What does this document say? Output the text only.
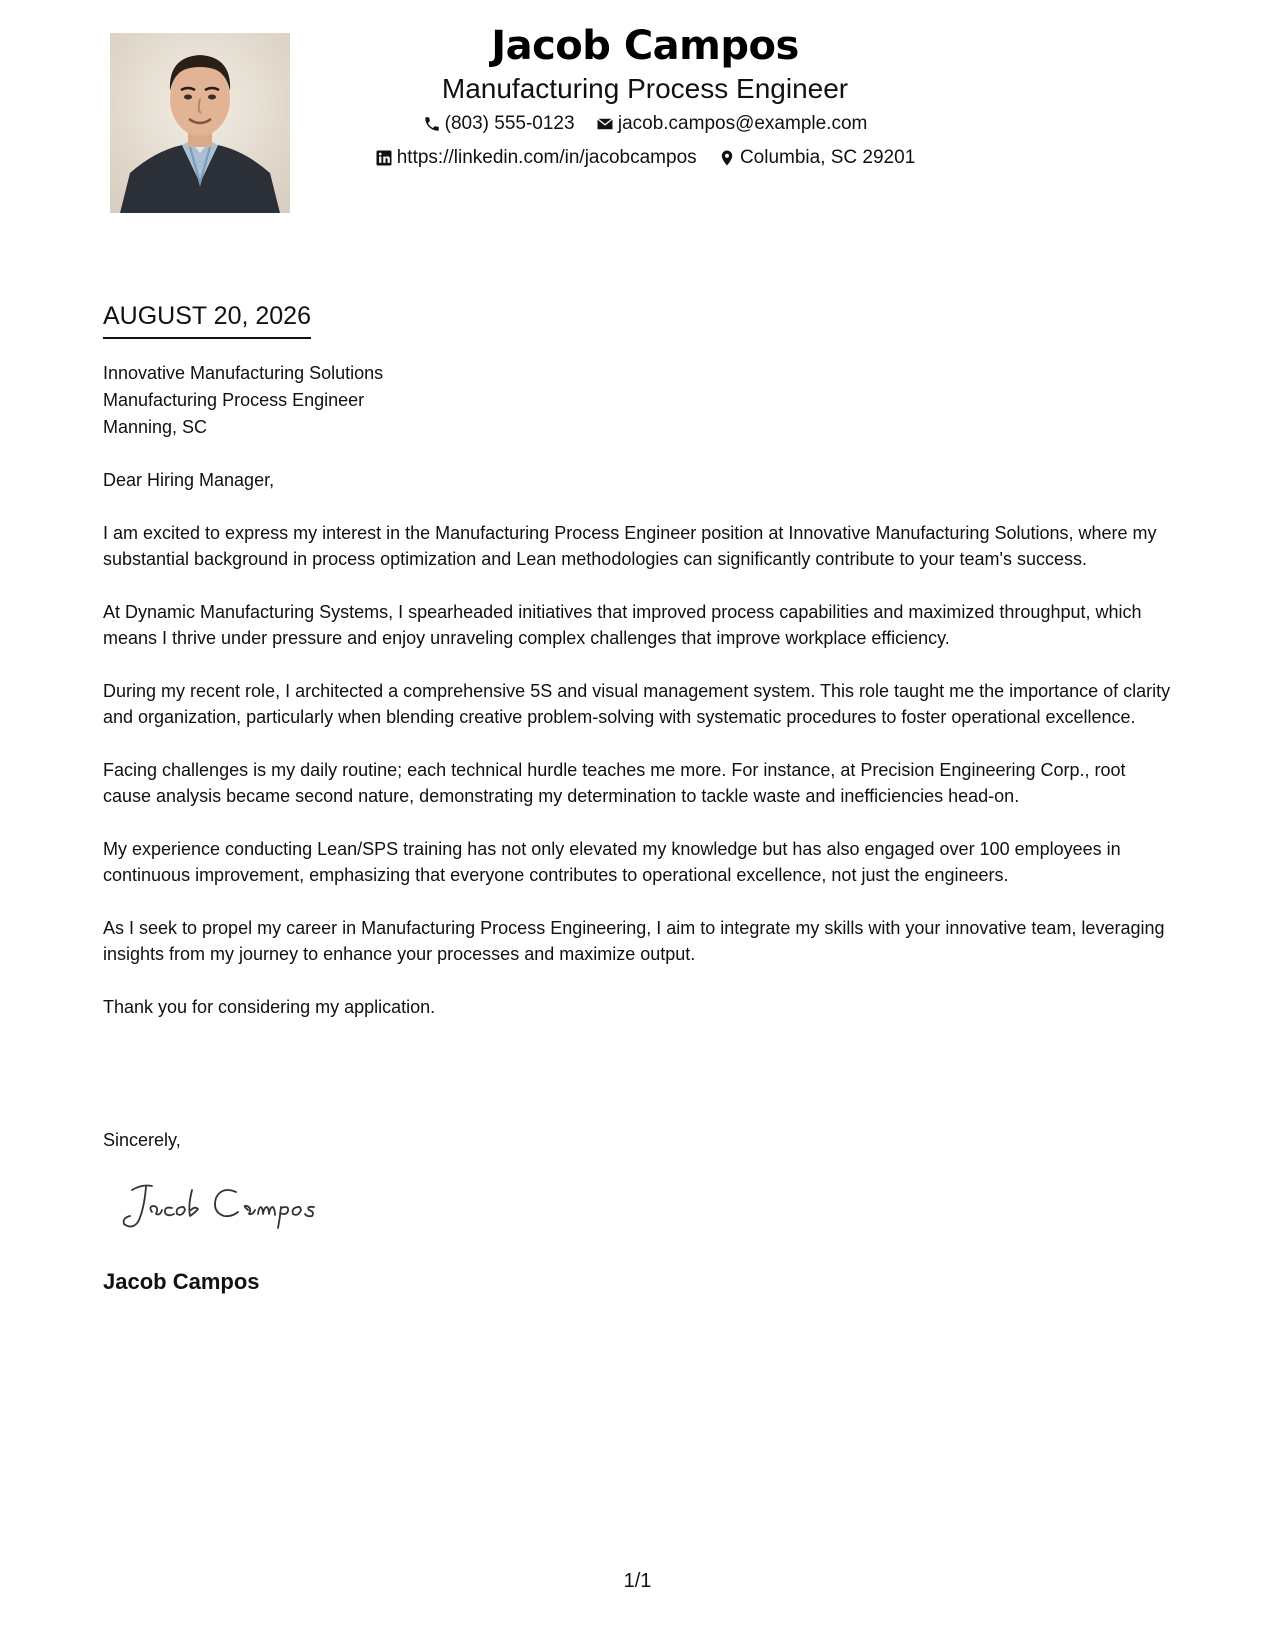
Jacob Campos
Manufacturing Process Engineer
(803) 555-0123
jacob.campos@example.com
https://linkedin.com/in/jacobcampos
Columbia, SC 29201
AUGUST 20, 2026
Innovative Manufacturing Solutions
Manufacturing Process Engineer
Manning, SC

Dear Hiring Manager,

I am excited to express my interest in the Manufacturing Process Engineer position at Innovative Manufacturing Solutions, where my substantial background in process optimization and Lean methodologies can significantly contribute to your team's success.

At Dynamic Manufacturing Systems, I spearheaded initiatives that improved process capabilities and maximized throughput, which means I thrive under pressure and enjoy unraveling complex challenges that improve workplace efficiency.

During my recent role, I architected a comprehensive 5S and visual management system. This role taught me the importance of clarity and organization, particularly when blending creative problem-solving with systematic procedures to foster operational excellence.

Facing challenges is my daily routine; each technical hurdle teaches me more. For instance, at Precision Engineering Corp., root cause analysis became second nature, demonstrating my determination to tackle waste and inefficiencies head-on.

My experience conducting Lean/SPS training has not only elevated my knowledge but has also engaged over 100 employees in continuous improvement, emphasizing that everyone contributes to operational excellence, not just the engineers.

As I seek to propel my career in Manufacturing Process Engineering, I aim to integrate my skills with your innovative team, leveraging insights from my journey to enhance your processes and maximize output.

Thank you for considering my application.

Sincerely,
Jacob Campos
1/1
